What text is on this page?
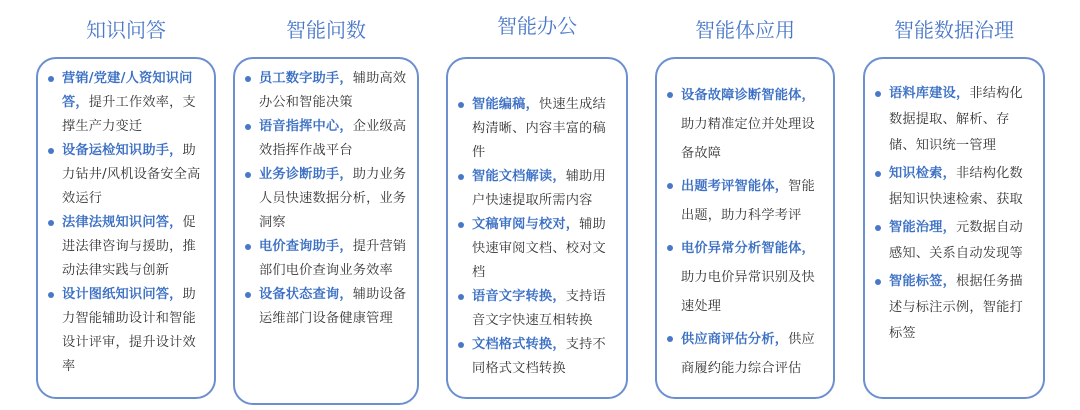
知识问答
营销/党建/人资知识问答，提升工作效率，支撑生产力变迁
设备运检知识助手，助力钻井/风机设备安全高效运行
法律法规知识问答，促进法律咨询与援助，推动法律实践与创新
设计图纸知识问答，助力智能辅助设计和智能设计评审，提升设计效率
智能问数
员工数字助手，辅助高效办公和智能决策
语音指挥中心，企业级高效指挥作战平台
业务诊断助手，助力业务人员快速数据分析，业务洞察
电价查询助手，提升营销部们电价查询业务效率
设备状态查询，辅助设备运维部门设备健康管理
智能办公
智能编稿，快速生成结构清晰、内容丰富的稿件
智能文档解读，辅助用户快速提取所需内容
文稿审阅与校对，辅助快速审阅文档、校对文档
语音文字转换，支持语音文字快速互相转换
文档格式转换，支持不同格式文档转换
智能体应用
设备故障诊断智能体，助力精准定位并处理设备故障
出题考评智能体，智能出题，助力科学考评
电价异常分析智能体，助力电价异常识别及快速处理
供应商评估分析，供应商履约能力综合评估
智能数据治理
语料库建设，非结构化数据提取、解析、存储、知识统一管理
知识检索，非结构化数据知识快速检索、获取
智能治理，元数据自动感知、关系自动发现等
智能标签，根据任务描述与标注示例，智能打标签
